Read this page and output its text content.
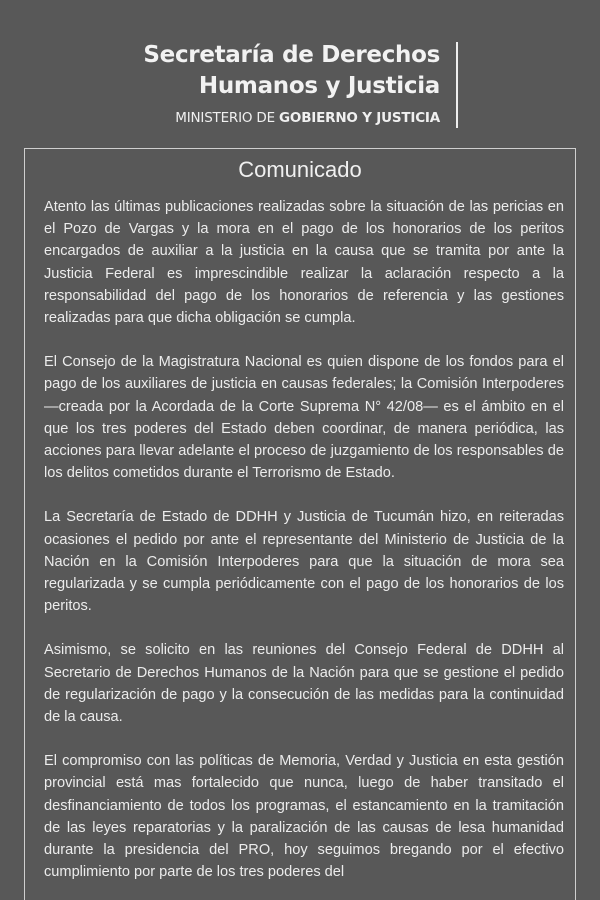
Secretaría de Derechos
Humanos y Justicia
MINISTERIO DE GOBIERNO Y JUSTICIA
Comunicado

Atento las últimas publicaciones realizadas sobre la situación de las pericias en el Pozo de Vargas y la mora en el pago de los honorarios de los peritos encargados de auxiliar a la justicia en la causa que se tramita por ante la Justicia Federal es imprescindible realizar la aclaración respecto a la responsabilidad del pago de los honorarios de referencia y las gestiones realizadas para que dicha obligación se cumpla.

El Consejo de la Magistratura Nacional es quien dispone de los fondos para el pago de los auxiliares de justicia en causas federales; la Comisión Interpoderes —creada por la Acordada de la Corte Suprema N° 42/08— es el ámbito en el que los tres poderes del Estado deben coordinar, de manera periódica, las acciones para llevar adelante el proceso de juzgamiento de los responsables de los delitos cometidos durante el Terrorismo de Estado.

La Secretaría de Estado de DDHH y Justicia de Tucumán hizo, en reiteradas ocasiones el pedido por ante el representante del Ministerio de Justicia de la Nación en la Comisión Interpoderes para que la situación de mora sea regularizada y se cumpla periódicamente con el pago de los honorarios de los peritos.

Asimismo, se solicito en las reuniones del Consejo Federal de DDHH al Secretario de Derechos Humanos de la Nación para que se gestione el pedido de regularización de pago y la consecución de las medidas para la continuidad de la causa.

El compromiso con las políticas de Memoria, Verdad y Justicia en esta gestión provincial está mas fortalecido que nunca, luego de haber transitado el desfinanciamiento de todos los programas, el estancamiento en la tramitación de las leyes reparatorias y la paralización de las causas de lesa humanidad durante la presidencia del PRO, hoy seguimos bregando por el efectivo cumplimiento por parte de los tres poderes del
